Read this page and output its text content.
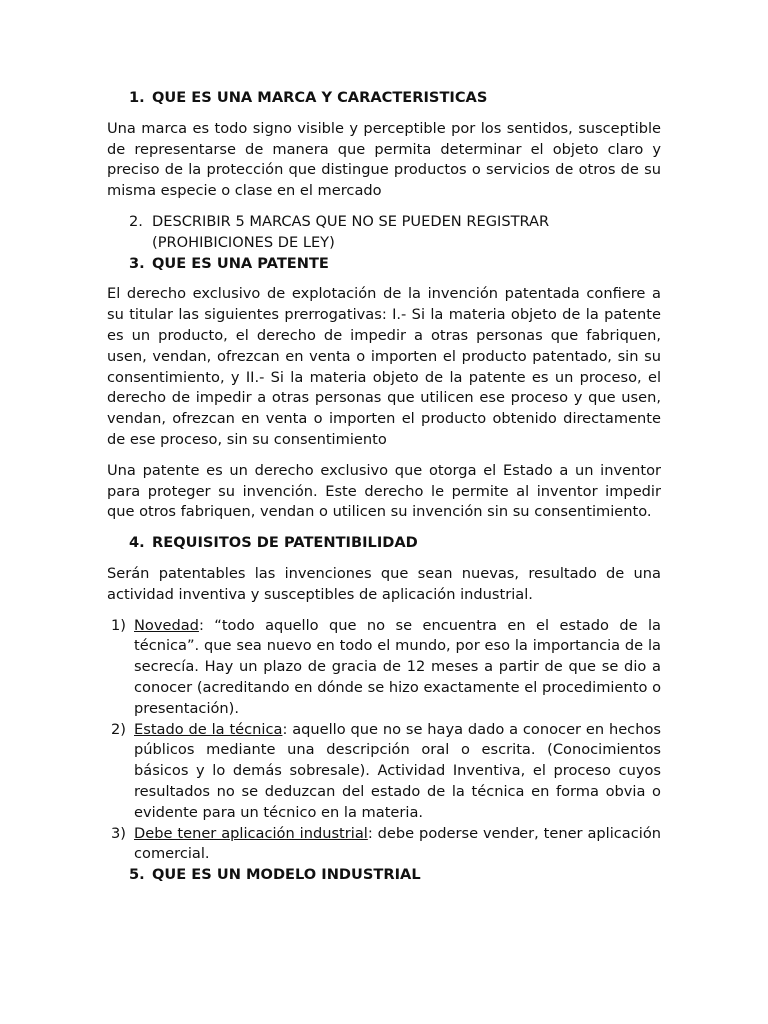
1. QUE ES UNA MARCA Y CARACTERISTICAS

Una marca es todo signo visible y perceptible por los sentidos, susceptible de representarse de manera que permita determinar el objeto claro y preciso de la protección que distingue productos o servicios de otros de su misma especie o clase en el mercado

2. DESCRIBIR 5 MARCAS QUE NO SE PUEDEN REGISTRAR (PROHIBICIONES DE LEY)
3. QUE ES UNA PATENTE

El derecho exclusivo de explotación de la invención patentada confiere a su titular las siguientes prerrogativas: I.- Si la materia objeto de la patente es un producto, el derecho de impedir a otras personas que fabriquen, usen, vendan, ofrezcan en venta o importen el producto patentado, sin su consentimiento, y II.- Si la materia objeto de la patente es un proceso, el derecho de impedir a otras personas que utilicen ese proceso y que usen, vendan, ofrezcan en venta o importen el producto obtenido directamente de ese proceso, sin su consentimiento

Una patente es un derecho exclusivo que otorga el Estado a un inventor para proteger su invención. Este derecho le permite al inventor impedir que otros fabriquen, vendan o utilicen su invención sin su consentimiento.

4. REQUISITOS DE PATENTIBILIDAD

Serán patentables las invenciones que sean nuevas, resultado de una actividad inventiva y susceptibles de aplicación industrial.

1) Novedad: “todo aquello que no se encuentra en el estado de la técnica”. que sea nuevo en todo el mundo, por eso la importancia de la secrecía. Hay un plazo de gracia de 12 meses a partir de que se dio a conocer (acreditando en dónde se hizo exactamente el procedimiento o presentación).
2) Estado de la técnica: aquello que no se haya dado a conocer en hechos públicos mediante una descripción oral o escrita. (Conocimientos básicos y lo demás sobresale). Actividad Inventiva, el proceso cuyos resultados no se deduzcan del estado de la técnica en forma obvia o evidente para un técnico en la materia.
3) Debe tener aplicación industrial: debe poderse vender, tener aplicación comercial.
5. QUE ES UN MODELO INDUSTRIAL
